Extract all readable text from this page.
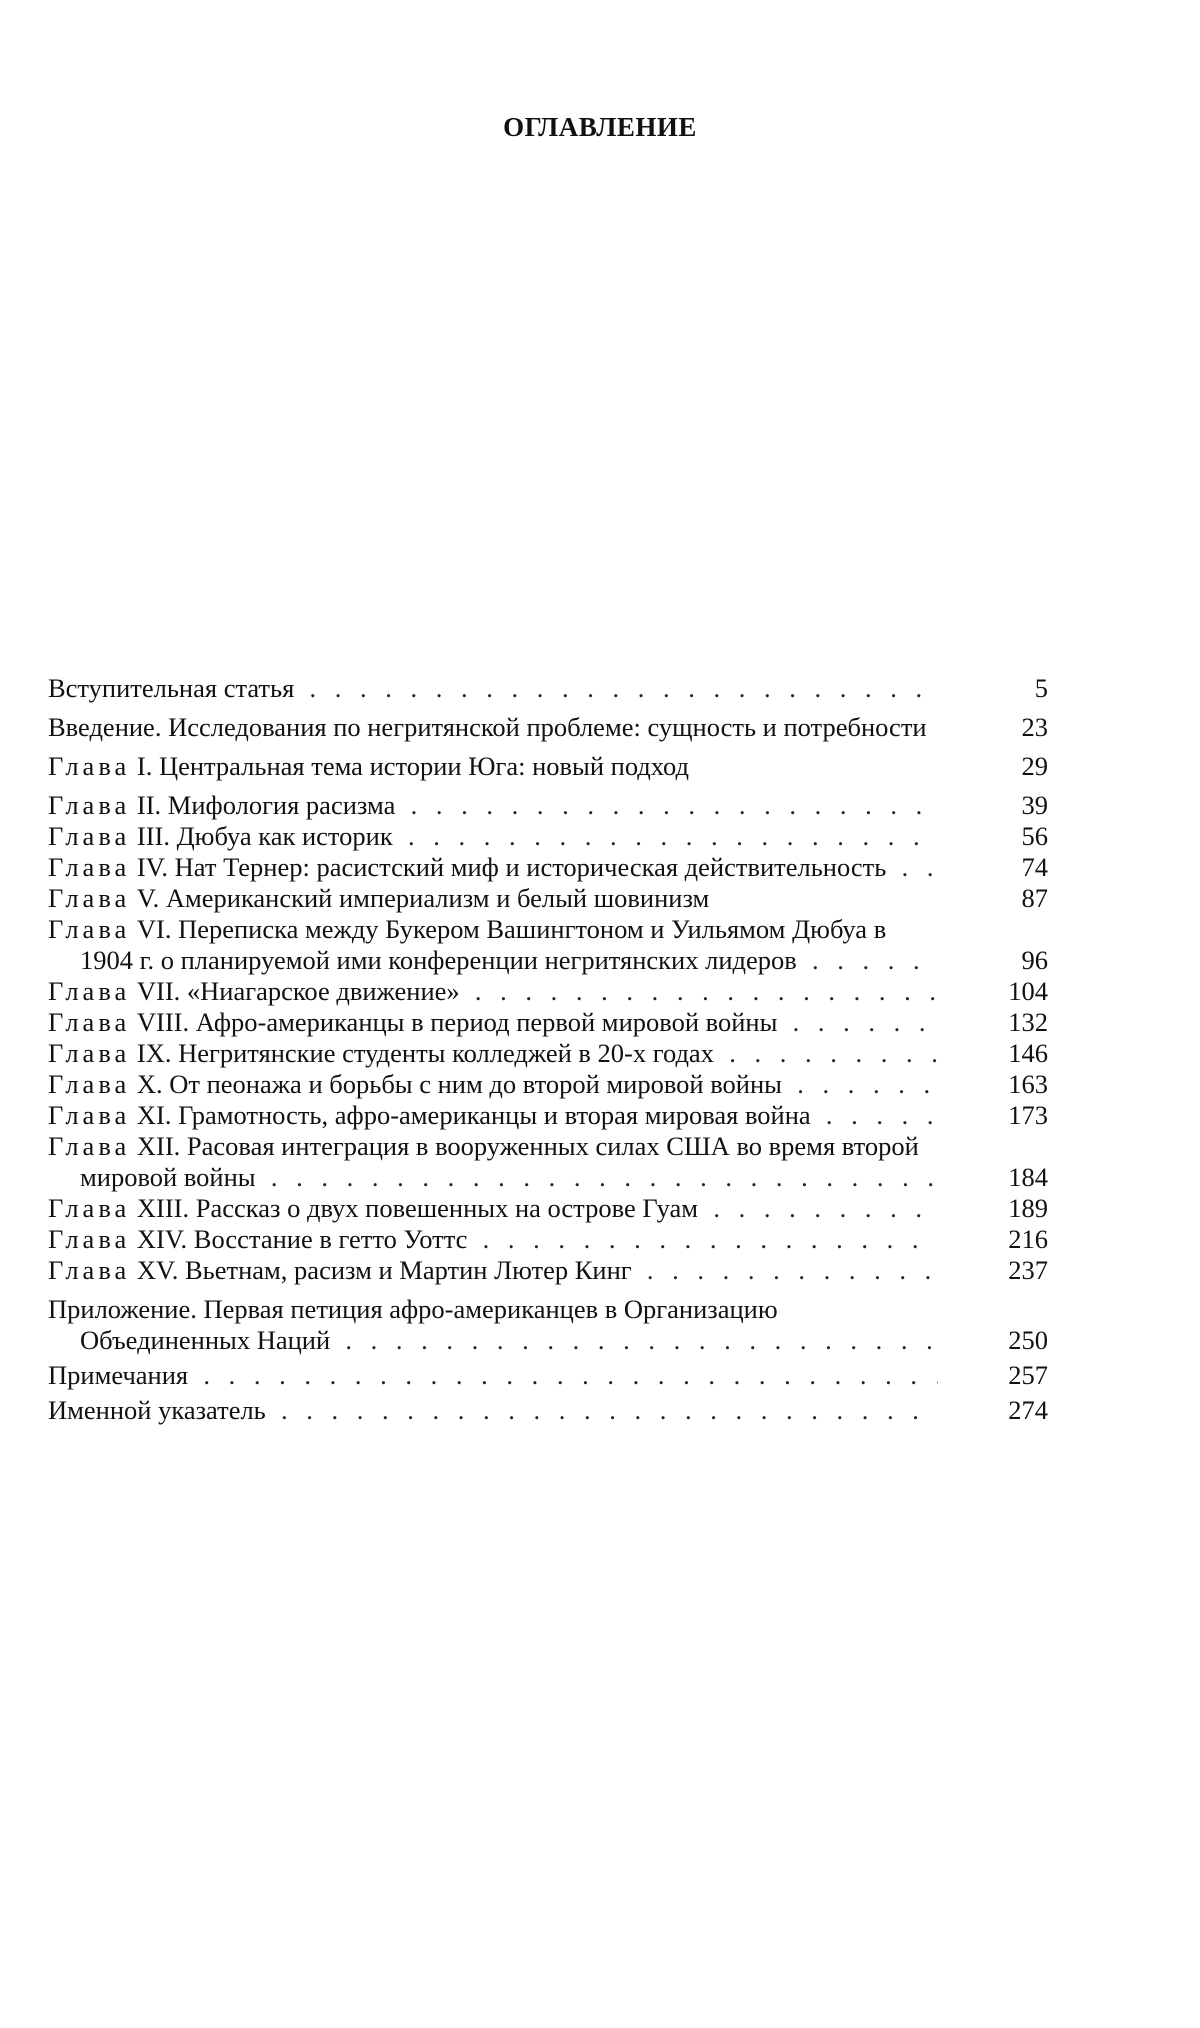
ОГЛАВЛЕНИЕ
Вступительная статья . . .	5
Введение. Исследования по негритянской проблеме: сущность и потребности . . .	23
Глава I. Центральная тема истории Юга: новый подход	29
Глава II. Мифология расизма . . .	39
Глава III. Дюбуа как историк . . .	56
Глава IV. Нат Тернер: расистский миф и историческая действительность . . .	74
Глава V. Американский империализм и белый шовинизм	87
Глава VI. Переписка между Букером Вашингтоном и Уильямом Дюбуа в 1904 г. о планируемой ими конференции негритянских лидеров . . .	96
Глава VII. «Ниагарское движение» . . .	104
Глава VIII. Афро-американцы в период первой мировой войны . . .	132
Глава IX. Негритянские студенты колледжей в 20-х годах . . .	146
Глава X. От пеонажа и борьбы с ним до второй мировой войны . . .	163
Глава XI. Грамотность, афро-американцы и вторая мировая война . . .	173
Глава XII. Расовая интеграция в вооруженных силах США во время второй мировой войны . . .	184
Глава XIII. Рассказ о двух повешенных на острове Гуам . . .	189
Глава XIV. Восстание в гетто Уоттс . . .	216
Глава XV. Вьетнам, расизм и Мартин Лютер Кинг . . .	237
Приложение. Первая петиция афро-американцев в Организацию Объединенных Наций . . .	250
Примечания . . .	257
Именной указатель . . .	274
